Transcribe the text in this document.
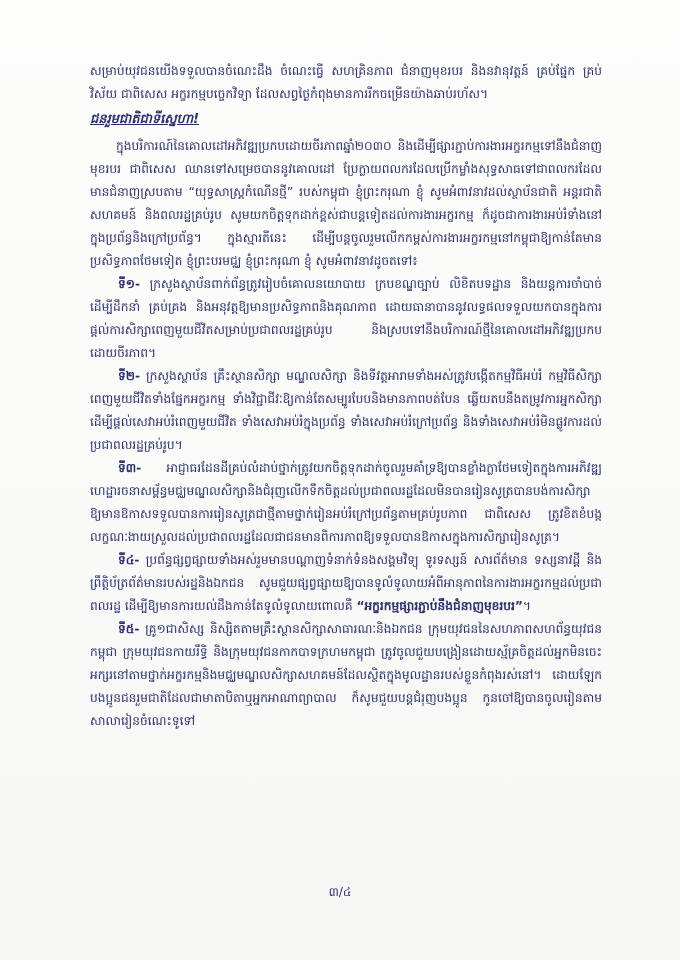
សម្រាប់យុវជនយើងទទួលបានចំណេះដឹង ចំណេះធ្វើ សហគ្រិនភាព ជំនាញមុខរបរ និងនវានុវត្តន៍ គ្រប់ផ្នែក គ្រប់វិស័យ ជាពិសេស អក្ខរកម្មបច្ចេកវិទ្យា ដែលសព្វថ្ងៃកំពុងមានការរីកចម្រើនយ៉ាងឆាប់រហ័ស។

ជនរួមជាតិជាទីស្នេហា!

ក្នុងបរិការណ៍នៃគោលដៅអភិវឌ្ឍប្រកបដោយចីរភាពឆ្នាំ២០៣០ និងដើម្បីផ្សារភ្ជាប់ការងារអក្ខរកម្មទៅនឹងជំនាញមុខរបរ ជាពិសេស ឈានទៅសម្រេចបាននូវគោលដៅ ប្រែក្លាយពលករដែលប្រើកម្លាំងសុទ្ធសាធទៅជាពលករដែលមានជំនាញស្របតាម “យុទ្ធសាស្ត្រកំណើនថ្មី” របស់កម្ពុជា ខ្ញុំព្រះករុណា ខ្ញុំ សូមអំពាវនាវដល់ស្ថាប័នជាតិ អន្តរជាតិ សហគមន៍ និងពលរដ្ឋគ្រប់រូប សូមយកចិត្តទុកដាក់ខ្ពស់ជាបន្តទៀតដល់ការងារអក្ខរកម្ម ក៏ដូចជាការងារអប់រំទាំងនៅក្នុងប្រព័ន្ធនិងក្រៅប្រព័ន្ធ។ ក្នុងស្មារតីនេះ ដើម្បីបន្តចូលរួមលើកកម្ពស់ការងារអក្ខរកម្មនៅកម្ពុជាឱ្យកាន់តែមានប្រសិទ្ធភាពថែមទៀត ខ្ញុំព្រះបរមជ្ឈ ខ្ញុំព្រះករុណា ខ្ញុំ សូមអំពាវនាវដូចតទៅ៖

ទី១- ក្រសួងស្ថាប័នពាក់ព័ន្ធត្រូវរៀបចំគោលនយោបាយ ក្របខណ្ឌច្បាប់ លិខិតបទដ្ឋាន និងយន្តការចាំបាច់ ដើម្បីដឹកនាំ គ្រប់គ្រង និងអនុវត្តឱ្យមានប្រសិទ្ធភាពនិងគុណភាព ដោយធានាបាននូវលទ្ធផលទទួលយកបានក្នុងការផ្ដល់ការសិក្សាពេញមួយជីវិតសម្រាប់ប្រជាពលរដ្ឋគ្រប់រូប និងស្របទៅនឹងបរិការណ៍ថ្មីនៃគោលដៅអភិវឌ្ឍប្រកបដោយចីរភាព។

ទី២- ក្រសួងស្ថាប័ន គ្រឹះស្ថានសិក្សា មណ្ឌលសិក្សា និងទីវត្តអារាមទាំងអស់ត្រូវបង្កើតកម្មវិធីអប់រំ កម្មវិធីសិក្សាពេញមួយជីវិតទាំងផ្នែកអក្ខរកម្ម ទាំងវិជ្ជាជីវៈឱ្យកាន់តែសម្បូរបែបនិងមានភាពបត់បែន ឆ្លើយតបនឹងតម្រូវការអ្នកសិក្សា ដើម្បីផ្ដល់សេវាអប់រំពេញមួយជីវិត ទាំងសេវាអប់រំក្នុងប្រព័ន្ធ ទាំងសេវាអប់រំក្រៅប្រព័ន្ធ និងទាំងសេវាអប់រំមិនផ្លូវការដល់ប្រជាពលរដ្ឋគ្រប់រូប។

ទី៣- អាជ្ញាធរដែនដីគ្រប់លំដាប់ថ្នាក់ត្រូវយកចិត្តទុកដាក់ចូលរួមគាំទ្រឱ្យបានខ្លាំងក្លាថែមទៀតក្នុងការអភិវឌ្ឍហេដ្ឋារចនាសម្ព័ន្ធមជ្ឈមណ្ឌលសិក្សានិងជំរុញលើកទឹកចិត្តដល់ប្រជាពលរដ្ឋដែលមិនបានរៀនសូត្របានបង់ការសិក្សា ឱ្យមានឱកាសទទួលបានការរៀនសូត្រជាថ្មីតាមថ្នាក់រៀនអប់រំក្រៅប្រព័ន្ធតាមគ្រប់រូបភាព ជាពិសេស ត្រូវខិតខំបង្កលក្ខណៈងាយស្រួលដល់ប្រជាពលរដ្ឋដែលជាជនមានពិការភាពឱ្យទទួលបានឱកាសក្នុងការសិក្សារៀនសូត្រ។

ទី៤- ប្រព័ន្ធផ្សព្វផ្សាយទាំងអស់រួមមានបណ្ដាញទំនាក់ទំនងសង្គមវិទ្យុ ទូរទស្សន៍ សារព័ត៌មាន ទស្សនាវដ្ដី និងព្រឹត្តិប័ត្រព័ត៌មានរបស់រដ្ឋនិងឯកជន សូមជួយផ្សព្វផ្សាយឱ្យបានទូលំទូលាយអំពីអានុភាពនៃការងារអក្ខរកម្មដល់ប្រជាពលរដ្ឋ ដើម្បីឱ្យមានការយល់ដឹងកាន់តែទូលំទូលាយពោលគឺ “អក្ខរកម្មផ្សារភ្ជាប់នឹងជំនាញមុខរបរ”។

ទី៥- គ្រូ១ជាសិស្ស និស្សិតតាមគ្រឹះស្ថានសិក្សាសាធារណៈនិងឯកជន ក្រុមយុវជននៃសហភាពសហព័ន្ធយុវជនកម្ពុជា ក្រុមយុវជនកាយរឹទ្ធិ និងក្រុមយុវជនកាកបាទក្រហមកម្ពុជា ត្រូវចូលជួយបង្រៀនដោយស្ម័គ្រចិត្តដល់អ្នកមិនចេះអក្សរនៅតាមថ្នាក់អក្ខរកម្មនិងមជ្ឈមណ្ឌលសិក្សាសហគមន៍ដែលស្ថិតក្នុងមូលដ្ឋានរបស់ខ្លួនកំពុងរស់នៅ។ ដោយឡែក បងប្អូនជនរួមជាតិដែលជាមាតាបិតាឬអ្នកអាណាព្យាបាល ក៏សូមជួយបន្តជំរុញបងប្អូន កូនចៅឱ្យបានចូលរៀនតាមសាលារៀនចំណេះទូទៅ

៣/៤
